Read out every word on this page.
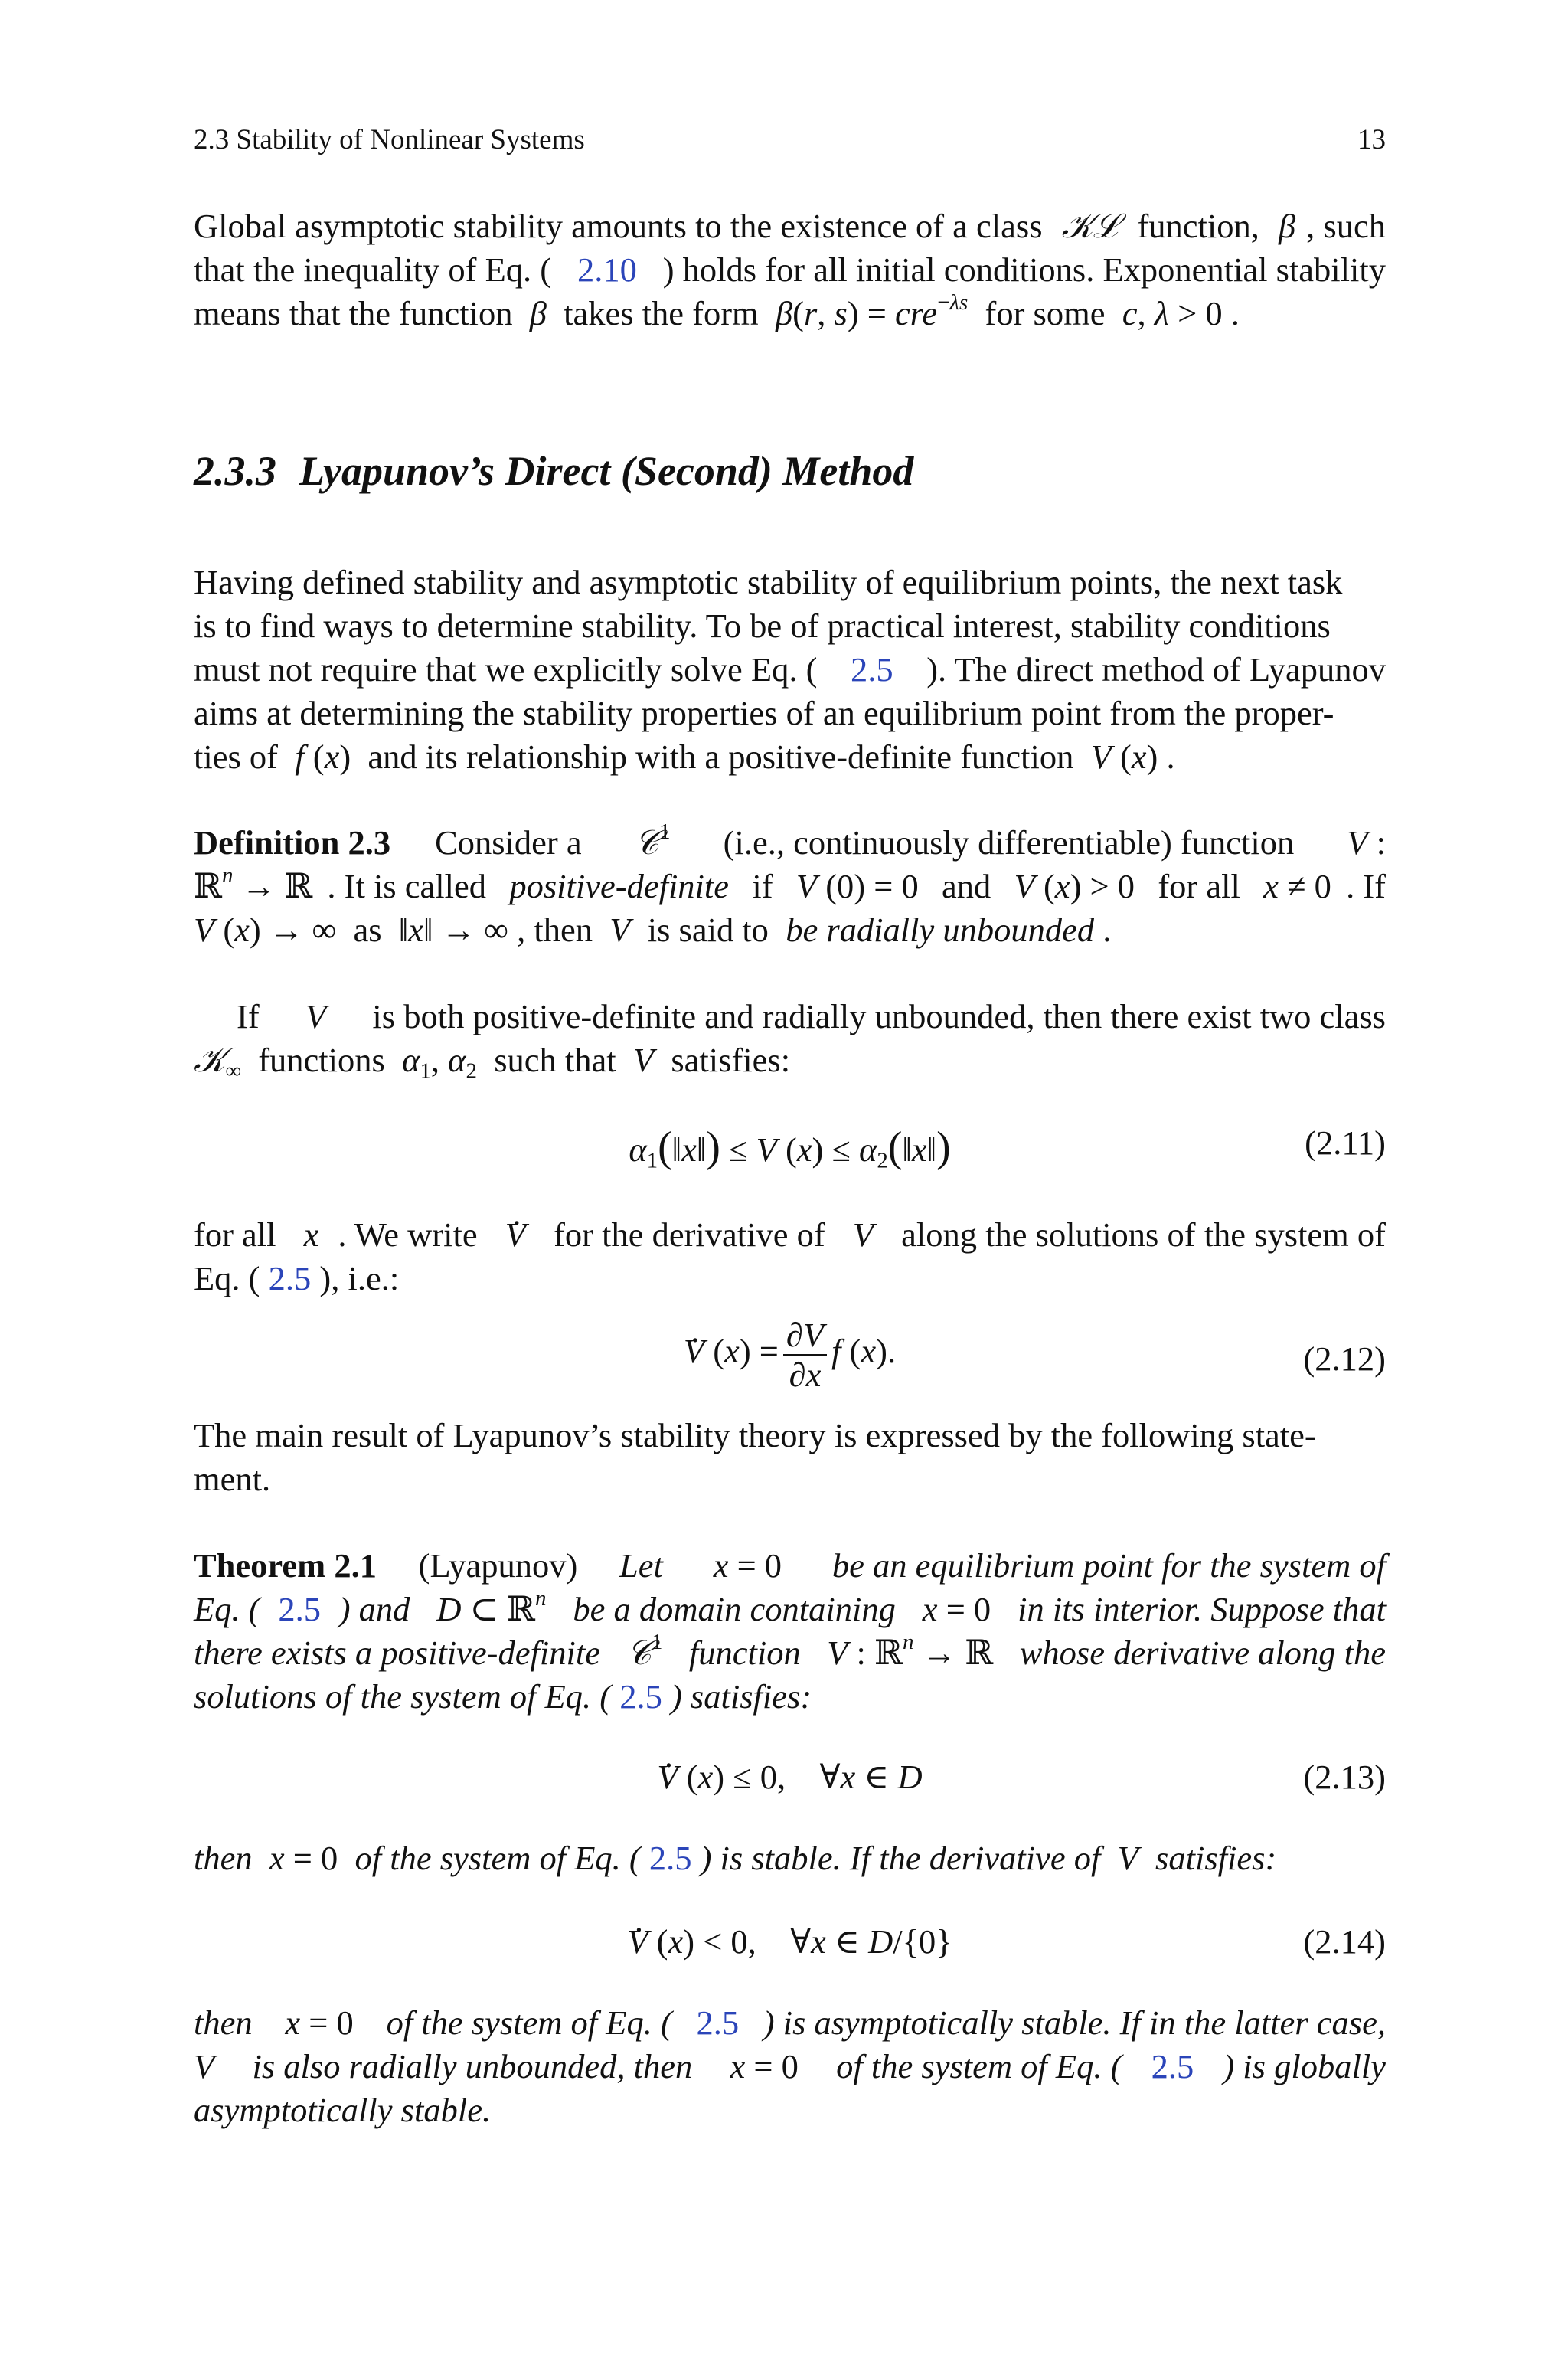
2.3 Stability of Nonlinear Systems	13
Global asymptotic stability amounts to the existence of a class 𝒦ℒ function, β , such
that the inequality of Eq. ( 2.10 ) holds for all initial conditions. Exponential stability
means that the function β takes the form β(r, s) = cre$^{-\lambda s}$ for some c, λ > 0 .
2.3.3 Lyapunov’s Direct (Second) Method
Having defined stability and asymptotic stability of equilibrium points, the next task
is to find ways to determine stability. To be of practical interest, stability conditions
must not require that we explicitly solve Eq. ( 2.5 ). The direct method of Lyapunov
aims at determining the stability properties of an equilibrium point from the proper-
ties of f (x) and its relationship with a positive-definite function V (x) .
Definition 2.3 Consider a 𝒞$^1$ (i.e., continuously differentiable) function V :
ℝ$^n$ → ℝ . It is called positive-definite if V (0) = 0 and V (x) > 0 for all x ≠ 0 . If
V (x) → ∞ as ‖x‖ → ∞ , then V is said to be radially unbounded .
If V is both positive-definite and radially unbounded, then there exist two class
𝒦$_\infty$ functions $\alpha_1$, $\alpha_2$ such that V satisfies:
$\alpha_1(‖x‖) \le V$ $(x) \le \alpha_2(‖x‖)$	(2.11)
for all x . We write
. V for the derivative of V along the solutions of the system of
Eq. ( 2.5 ), i.e.:
. V $(x) = \frac{\partial V}{\partial x}$ f (x).	(2.12)
The main result of Lyapunov’s stability theory is expressed by the following state-
ment.
Theorem 2.1 (Lyapunov) Let x = 0 be an equilibrium point for the system of
Eq. ( 2.5 ) and D ⊂ ℝ$^n$ be a domain containing x = 0 in its interior. Suppose that
there exists a positive-definite 𝒞$^1$ function V : ℝ$^n$ → ℝ whose derivative along the
solutions of the system of Eq. ( 2.5 ) satisfies:
. V (x) ≤ 0,    ∀x ∈ D	(2.13)
then x = 0 of the system of Eq. ( 2.5 ) is stable. If the derivative of V satisfies:
. V (x) < 0,    ∀x ∈ D/{0}	(2.14)
then x = 0 of the system of Eq. ( 2.5 ) is asymptotically stable. If in the latter case,
V is also radially unbounded, then x = 0 of the system of Eq. ( 2.5 ) is globally
asymptotically stable.
